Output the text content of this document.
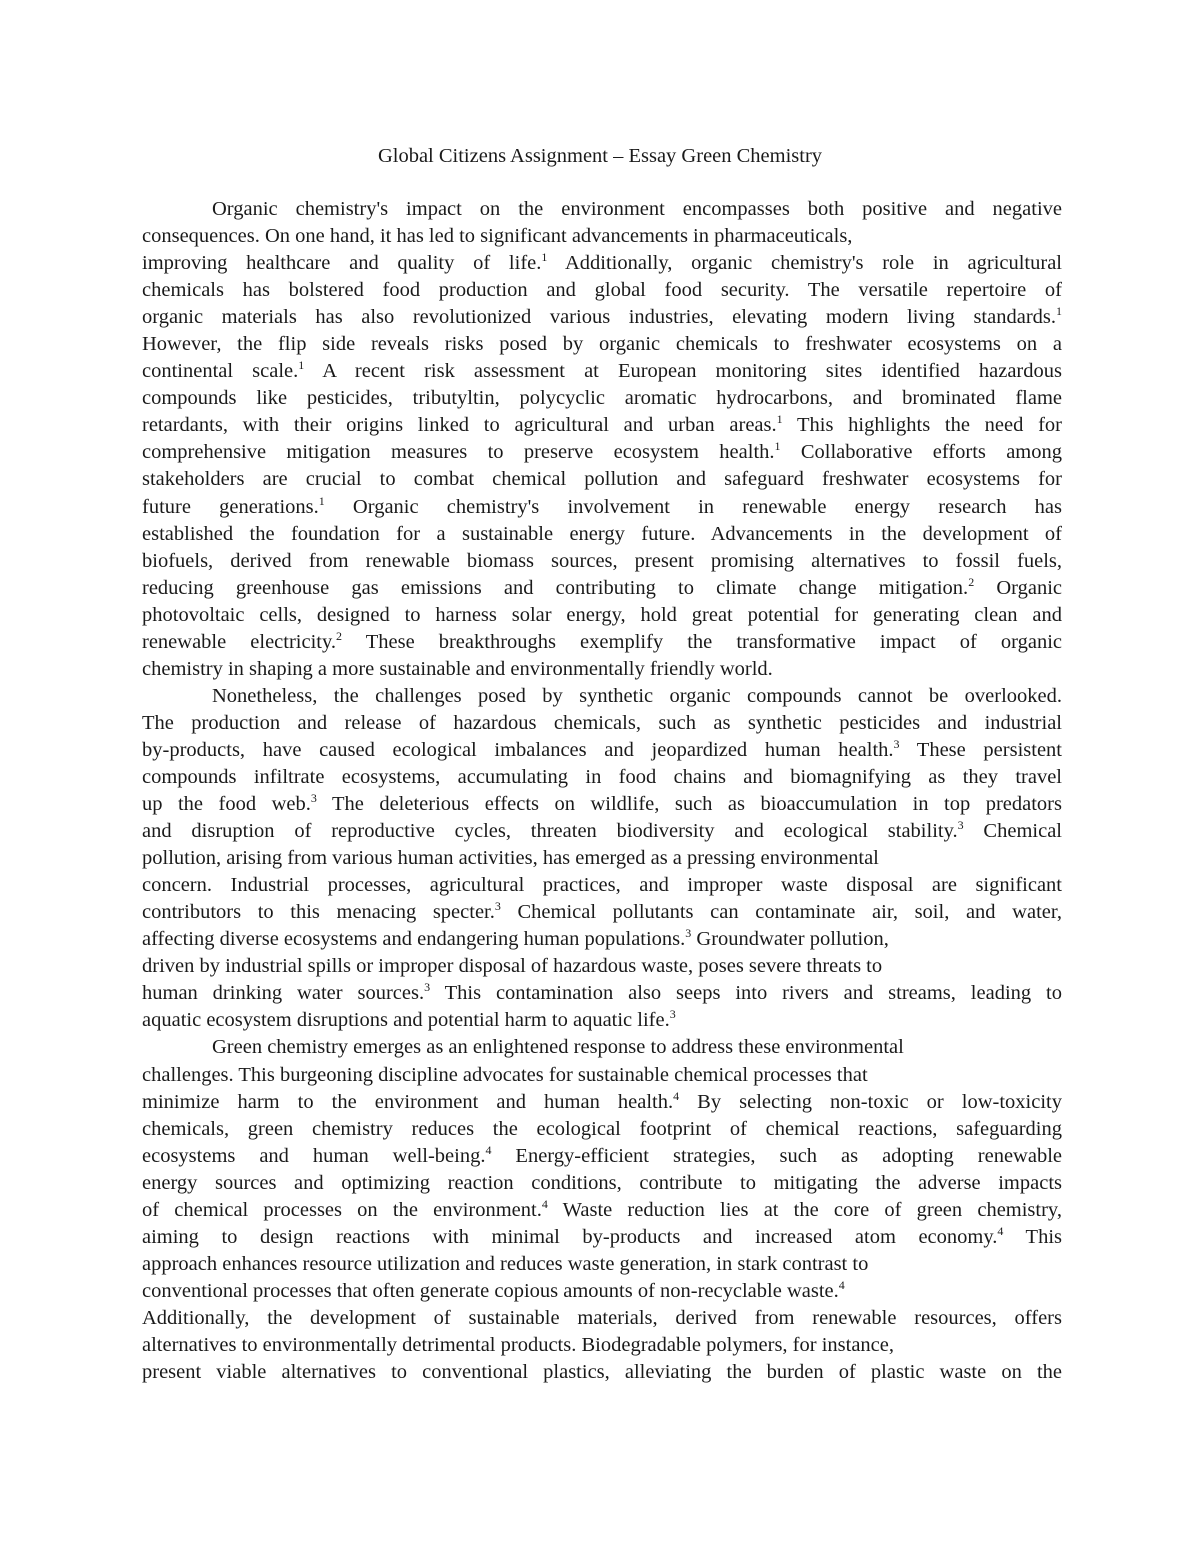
Global Citizens Assignment – Essay Green Chemistry
Organic chemistry's impact on the environment encompasses both positive and negative
consequences. On one hand, it has led to significant advancements in pharmaceuticals,
improving healthcare and quality of life.$^1$ Additionally, organic chemistry's role in agricultural
chemicals has bolstered food production and global food security. The versatile repertoire of
organic materials has also revolutionized various industries, elevating modern living standards.$^1$
However, the flip side reveals risks posed by organic chemicals to freshwater ecosystems on a
continental scale.$^1$ A recent risk assessment at European monitoring sites identified hazardous
compounds like pesticides, tributyltin, polycyclic aromatic hydrocarbons, and brominated flame
retardants, with their origins linked to agricultural and urban areas.$^1$ This highlights the need for
comprehensive mitigation measures to preserve ecosystem health.$^1$ Collaborative efforts among
stakeholders are crucial to combat chemical pollution and safeguard freshwater ecosystems for
future generations.$^1$ Organic chemistry's involvement in renewable energy research has
established the foundation for a sustainable energy future. Advancements in the development of
biofuels, derived from renewable biomass sources, present promising alternatives to fossil fuels,
reducing greenhouse gas emissions and contributing to climate change mitigation.$^2$ Organic
photovoltaic cells, designed to harness solar energy, hold great potential for generating clean and
renewable electricity.$^2$ These breakthroughs exemplify the transformative impact of organic
chemistry in shaping a more sustainable and environmentally friendly world.
Nonetheless, the challenges posed by synthetic organic compounds cannot be overlooked.
The production and release of hazardous chemicals, such as synthetic pesticides and industrial
by-products, have caused ecological imbalances and jeopardized human health.$^3$ These persistent
compounds infiltrate ecosystems, accumulating in food chains and biomagnifying as they travel
up the food web.$^3$ The deleterious effects on wildlife, such as bioaccumulation in top predators
and disruption of reproductive cycles, threaten biodiversity and ecological stability.$^3$ Chemical
pollution, arising from various human activities, has emerged as a pressing environmental
concern. Industrial processes, agricultural practices, and improper waste disposal are significant
contributors to this menacing specter.$^3$ Chemical pollutants can contaminate air, soil, and water,
affecting diverse ecosystems and endangering human populations.$^3$ Groundwater pollution,
driven by industrial spills or improper disposal of hazardous waste, poses severe threats to
human drinking water sources.$^3$ This contamination also seeps into rivers and streams, leading to
aquatic ecosystem disruptions and potential harm to aquatic life.$^3$
Green chemistry emerges as an enlightened response to address these environmental
challenges. This burgeoning discipline advocates for sustainable chemical processes that
minimize harm to the environment and human health.$^4$ By selecting non-toxic or low-toxicity
chemicals, green chemistry reduces the ecological footprint of chemical reactions, safeguarding
ecosystems and human well-being.$^4$ Energy-efficient strategies, such as adopting renewable
energy sources and optimizing reaction conditions, contribute to mitigating the adverse impacts
of chemical processes on the environment.$^4$ Waste reduction lies at the core of green chemistry,
aiming to design reactions with minimal by-products and increased atom economy.$^4$ This
approach enhances resource utilization and reduces waste generation, in stark contrast to
conventional processes that often generate copious amounts of non-recyclable waste.$^4$
Additionally, the development of sustainable materials, derived from renewable resources, offers
alternatives to environmentally detrimental products. Biodegradable polymers, for instance,
present viable alternatives to conventional plastics, alleviating the burden of plastic waste on the
